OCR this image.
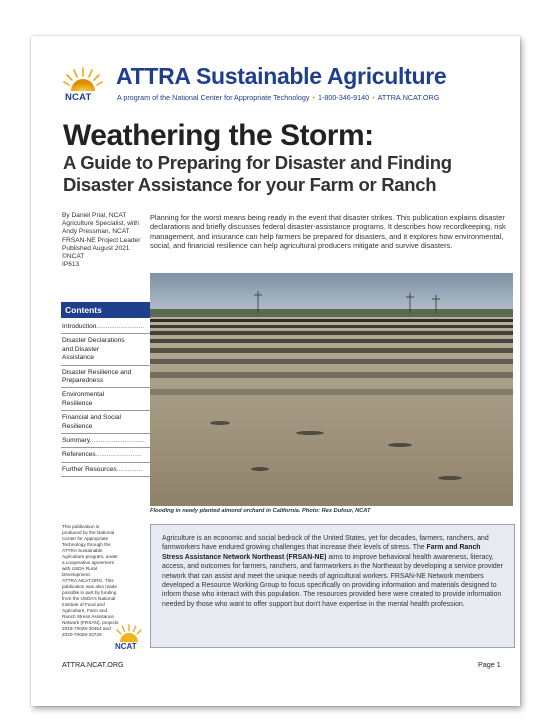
NCAT
ATTRA Sustainable Agriculture
A program of the National Center for Appropriate Technology • 1-800-346-9140 • ATTRA.NCAT.ORG
Weathering the Storm:
A Guide to Preparing for Disaster and Finding Disaster Assistance for your Farm or Ranch
By Daniel Prial, NCAT
Agriculture Specialist, with
Andy Pressman, NCAT
FRSAN-NE Project Leader
Published August 2021
©NCAT
IP613
Contents
Introduction..........................
Disaster Declarations and Disaster Assistance
Disaster Resilience and Preparedness
Environmental Resilience
Financial and Social Resilience
Summary..............................
References.........................
Further Resources..............
This publication is produced by the National Center for Appropriate Technology through the ATTRA Sustainable Agriculture program, under a cooperative agreement with USDA Rural Development. ATTRA.NCAT.ORG. This publication was also made possible in part by funding from the USDA's National Institute of Food and Agriculture, Farm and Ranch Stress Assistance Network (FRSAN), projects 2019-70028-30464 and 2020-70028-32729.
NCAT
Planning for the worst means being ready in the event that disaster strikes. This publication explains disaster declarations and briefly discusses federal disaster-assistance programs. It describes how recordkeeping, risk management, and insurance can help farmers be prepared for disasters, and it explores how environmental, social, and financial resilience can help agricultural producers mitigate and survive disasters.
Flooding in newly planted almond orchard in California. Photo: Rex Dufour, NCAT
Agriculture is an economic and social bedrock of the United States, yet for decades, farmers, ranchers, and farmworkers have endured growing challenges that increase their levels of stress. The Farm and Ranch Stress Assistance Network Northeast (FRSAN-NE) aims to improve behavioral health awareness, literacy, access, and outcomes for farmers, ranchers, and farmworkers in the Northeast by developing a service provider network that can assist and meet the unique needs of agricultural workers. FRSAN-NE Network members developed a Resource Working Group to focus specifically on providing information and materials designed to inform those who interact with this population. The resources provided here were created to provide information needed by those who want to offer support but don't have expertise in the mental health profession.
ATTRA.NCAT.ORG	Page 1
